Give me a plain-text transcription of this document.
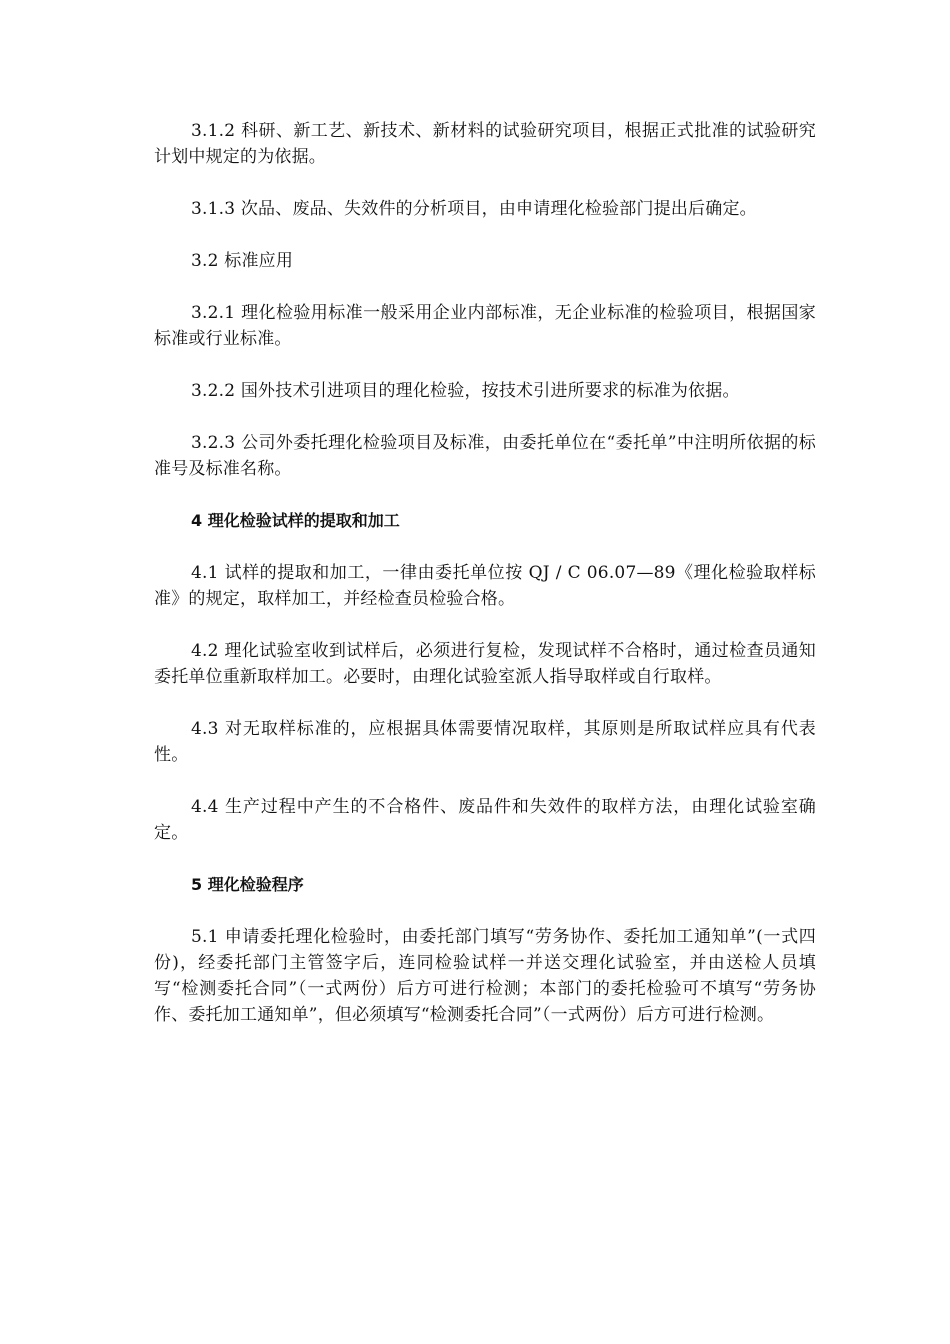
3.1.2 科研、新工艺、新技术、新材料的试验研究项目，根据正式批准的试验研究计划中规定的为依据。

3.1.3 次品、废品、失效件的分析项目，由申请理化检验部门提出后确定。

3.2 标准应用

3.2.1 理化检验用标准一般采用企业内部标准，无企业标准的检验项目，根据国家标准或行业标准。

3.2.2 国外技术引进项目的理化检验，按技术引进所要求的标准为依据。

3.2.3 公司外委托理化检验项目及标准，由委托单位在“委托单”中注明所依据的标准号及标准名称。

4 理化检验试样的提取和加工

4.1 试样的提取和加工，一律由委托单位按 QJ / C 06.07—89《理化检验取样标准》的规定，取样加工，并经检查员检验合格。

4.2 理化试验室收到试样后，必须进行复检，发现试样不合格时，通过检查员通知委托单位重新取样加工。必要时，由理化试验室派人指导取样或自行取样。

4.3 对无取样标准的，应根据具体需要情况取样，其原则是所取试样应具有代表性。

4.4 生产过程中产生的不合格件、废品件和失效件的取样方法，由理化试验室确定。

5 理化检验程序

5.1 申请委托理化检验时，由委托部门填写“劳务协作、委托加工通知单”(一式四份)，经委托部门主管签字后，连同检验试样一并送交理化试验室，并由送检人员填写“检测委托合同”（一式两份）后方可进行检测；本部门的委托检验可不填写“劳务协作、委托加工通知单”，但必须填写“检测委托合同”（一式两份）后方可进行检测。
